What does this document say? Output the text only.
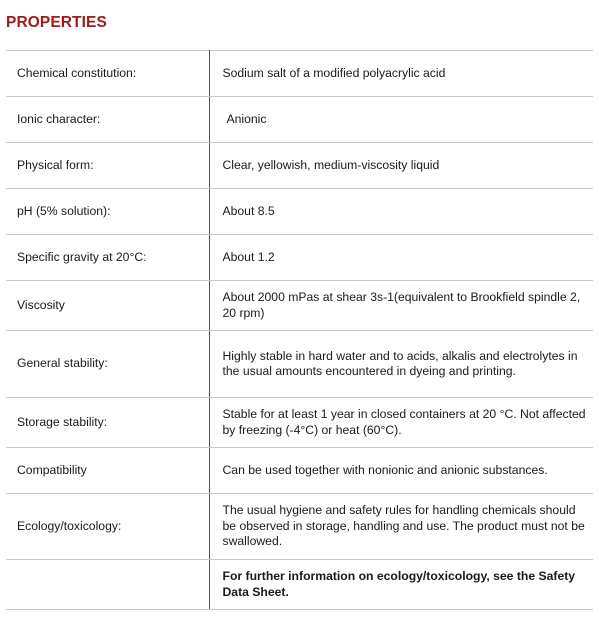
PROPERTIES
Chemical constitution:	Sodium salt of a modified polyacrylic acid
Ionic character:	Anionic
Physical form:	Clear, yellowish, medium-viscosity liquid
pH (5% solution):	About 8.5
Specific gravity at 20°C:	About 1.2
Viscosity	About 2000 mPas at shear 3s-1(equivalent to Brookfield spindle 2, 20 rpm)
General stability:	Highly stable in hard water and to acids, alkalis and electrolytes in the usual amounts encountered in dyeing and printing.
Storage stability:	Stable for at least 1 year in closed containers at 20 °C. Not affected by freezing (-4°C) or heat (60°C).
Compatibility	Can be used together with nonionic and anionic substances.
Ecology/toxicology:	The usual hygiene and safety rules for handling chemicals should be observed in storage, handling and use. The product must not be swallowed.
	For further information on ecology/toxicology, see the Safety Data Sheet.
